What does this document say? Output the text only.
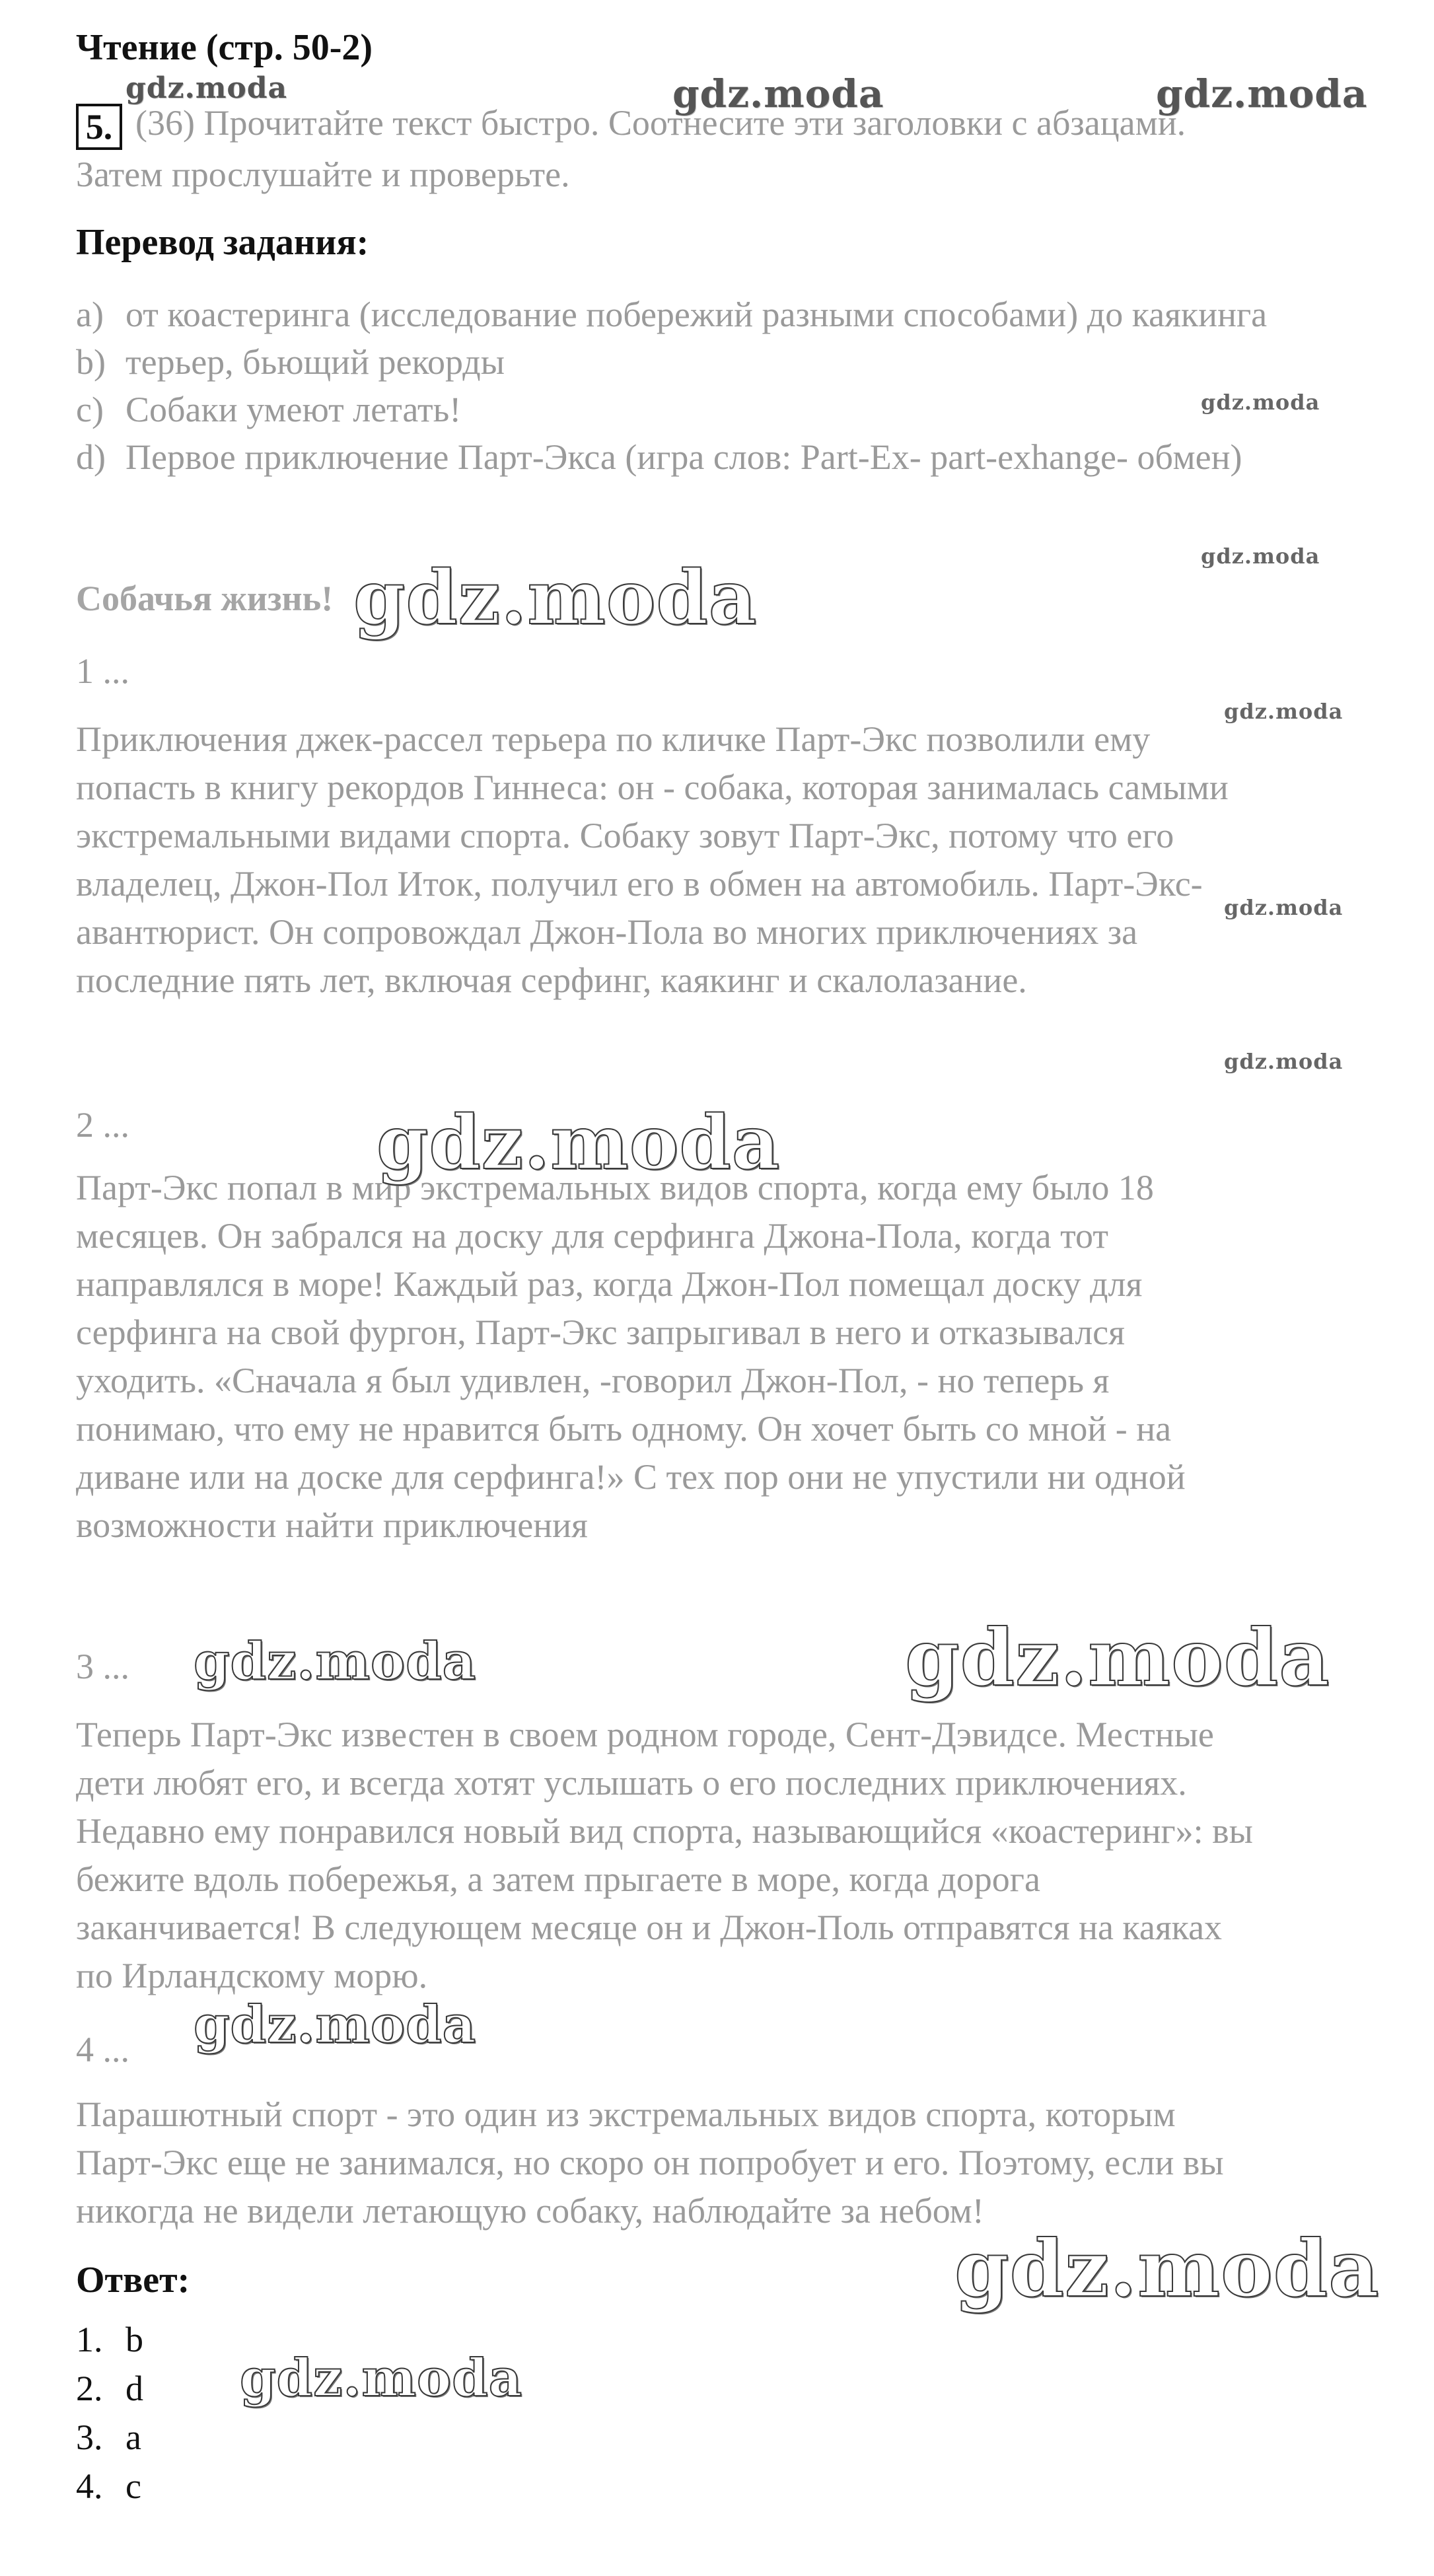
Чтение (стр. 50-2)
5. (36) Прочитайте текст быстро. Соотнесите эти заголовки с абзацами.
Затем прослушайте и проверьте.
Перевод задания:
a) от коастеринга (исследование побережий разными способами) до каякинга
b) терьер, бьющий рекорды
c) Собаки умеют летать!
d) Первое приключение Парт-Экса (игра слов: Part-Ex- part-exhange- обмен)
Собачья жизнь!
1 ...
Приключения джек-рассел терьера по кличке Парт-Экс позволили ему
попасть в книгу рекордов Гиннеса: он - собака, которая занималась самыми
экстремальными видами спорта. Собаку зовут Парт-Экс, потому что его
владелец, Джон-Пол Иток, получил его в обмен на автомобиль. Парт-Экс-
авантюрист. Он сопровождал Джон-Пола во многих приключениях за
последние пять лет, включая серфинг, каякинг и скалолазание.
2 ...
Парт-Экс попал в мир экстремальных видов спорта, когда ему было 18
месяцев. Он забрался на доску для серфинга Джона-Пола, когда тот
направлялся в море! Каждый раз, когда Джон-Пол помещал доску для
серфинга на свой фургон, Парт-Экс запрыгивал в него и отказывался
уходить. «Сначала я был удивлен, -говорил Джон-Пол, - но теперь я
понимаю, что ему не нравится быть одному. Он хочет быть со мной - на
диване или на доске для серфинга!» С тех пор они не упустили ни одной
возможности найти приключения
3 ...
Теперь Парт-Экс известен в своем родном городе, Сент-Дэвидсе. Местные
дети любят его, и всегда хотят услышать о его последних приключениях.
Недавно ему понравился новый вид спорта, называющийся «коастеринг»: вы
бежите вдоль побережья, а затем прыгаете в море, когда дорога
заканчивается! В следующем месяце он и Джон-Поль отправятся на каяках
по Ирландскому морю.
4 ...
Парашютный спорт - это один из экстремальных видов спорта, которым
Парт-Экс еще не занимался, но скоро он попробует и его. Поэтому, если вы
никогда не видели летающую собаку, наблюдайте за небом!
Ответ:
1. b
2. d
3. a
4. c
gdz.moda	gdz.moda	gdz.moda
gdz.moda
gdz.moda
gdz.moda
gdz.moda
gdz.moda
gdz.moda
gdz.moda
gdz.moda	gdz.moda
gdz.moda
gdz.moda
gdz.moda
